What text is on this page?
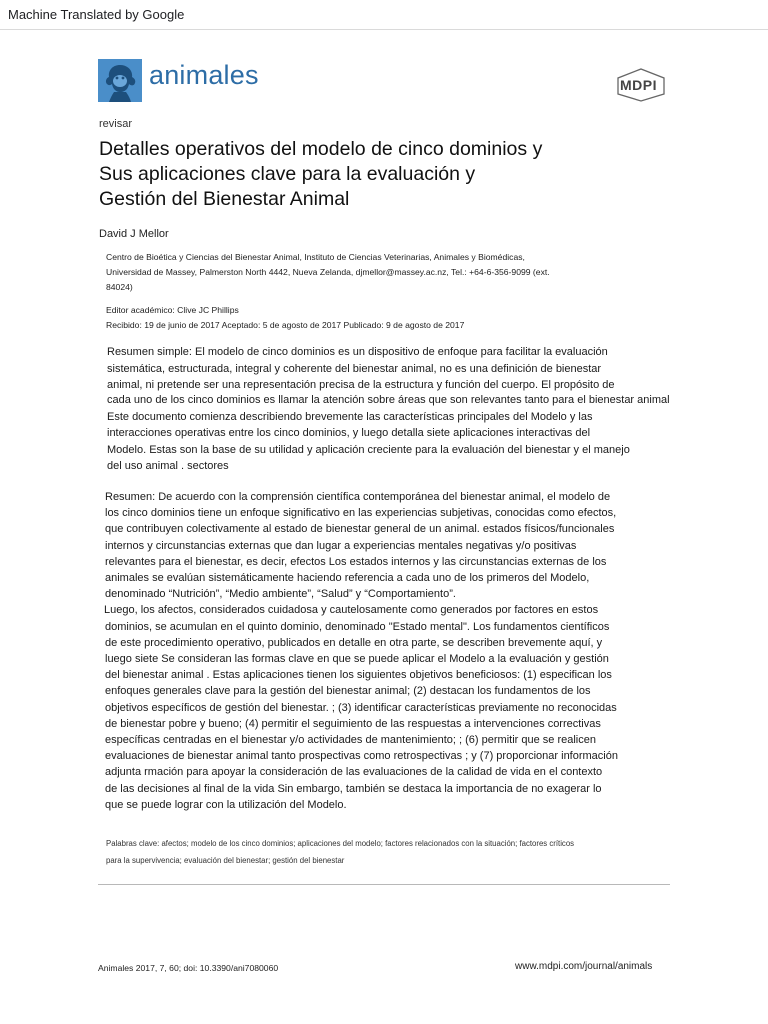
Machine Translated by Google
animales	MDPI
revisar
Detalles operativos del modelo de cinco dominios y
Sus aplicaciones clave para la evaluación y
Gestión del Bienestar Animal
David J Mellor
Centro de Bioética y Ciencias del Bienestar Animal, Instituto de Ciencias Veterinarias, Animales y Biomédicas,
Universidad de Massey, Palmerston North 4442, Nueva Zelanda, djmellor@massey.ac.nz, Tel.: +64-6-356-9099 (ext.
84024)
Editor académico: Clive JC Phillips
Recibido: 19 de junio de 2017 Aceptado: 5 de agosto de 2017 Publicado: 9 de agosto de 2017
Resumen simple: El modelo de cinco dominios es un dispositivo de enfoque para facilitar la evaluación
sistemática, estructurada, integral y coherente del bienestar animal, no es una definición de bienestar
animal, ni pretende ser una representación precisa de la estructura y función del cuerpo. El propósito de
cada uno de los cinco dominios es llamar la atención sobre áreas que son relevantes tanto para el bienestar animal
Este documento comienza describiendo brevemente las características principales del Modelo y las
interacciones operativas entre los cinco dominios, y luego detalla siete aplicaciones interactivas del
Modelo. Estas son la base de su utilidad y aplicación creciente para la evaluación del bienestar y el manejo
del uso animal . sectores
Resumen: De acuerdo con la comprensión científica contemporánea del bienestar animal, el modelo de
los cinco dominios tiene un enfoque significativo en las experiencias subjetivas, conocidas como efectos,
que contribuyen colectivamente al estado de bienestar general de un animal. estados físicos/funcionales
internos y circunstancias externas que dan lugar a experiencias mentales negativas y/o positivas
relevantes para el bienestar, es decir, efectos Los estados internos y las circunstancias externas de los
animales se evalúan sistemáticamente haciendo referencia a cada uno de los primeros del Modelo,
denominado “Nutrición”, “Medio ambiente”, “Salud” y “Comportamiento”.
Luego, los afectos, considerados cuidadosa y cautelosamente como generados por factores en estos
dominios, se acumulan en el quinto dominio, denominado "Estado mental". Los fundamentos científicos
de este procedimiento operativo, publicados en detalle en otra parte, se describen brevemente aquí, y
luego siete Se consideran las formas clave en que se puede aplicar el Modelo a la evaluación y gestión
del bienestar animal . Estas aplicaciones tienen los siguientes objetivos beneficiosos: (1) especifican los
enfoques generales clave para la gestión del bienestar animal; (2) destacan los fundamentos de los
objetivos específicos de gestión del bienestar. ; (3) identificar características previamente no reconocidas
de bienestar pobre y bueno; (4) permitir el seguimiento de las respuestas a intervenciones correctivas
específicas centradas en el bienestar y/o actividades de mantenimiento; ; (6) permitir que se realicen
evaluaciones de bienestar animal tanto prospectivas como retrospectivas ; y (7) proporcionar información
adjunta rmación para apoyar la consideración de las evaluaciones de la calidad de vida en el contexto
de las decisiones al final de la vida Sin embargo, también se destaca la importancia de no exagerar lo
que se puede lograr con la utilización del Modelo.
Palabras clave: afectos; modelo de los cinco dominios; aplicaciones del modelo; factores relacionados con la situación; factores críticos
para la supervivencia; evaluación del bienestar; gestión del bienestar
Animales 2017, 7, 60; doi: 10.3390/ani7080060	www.mdpi.com/journal/animals
